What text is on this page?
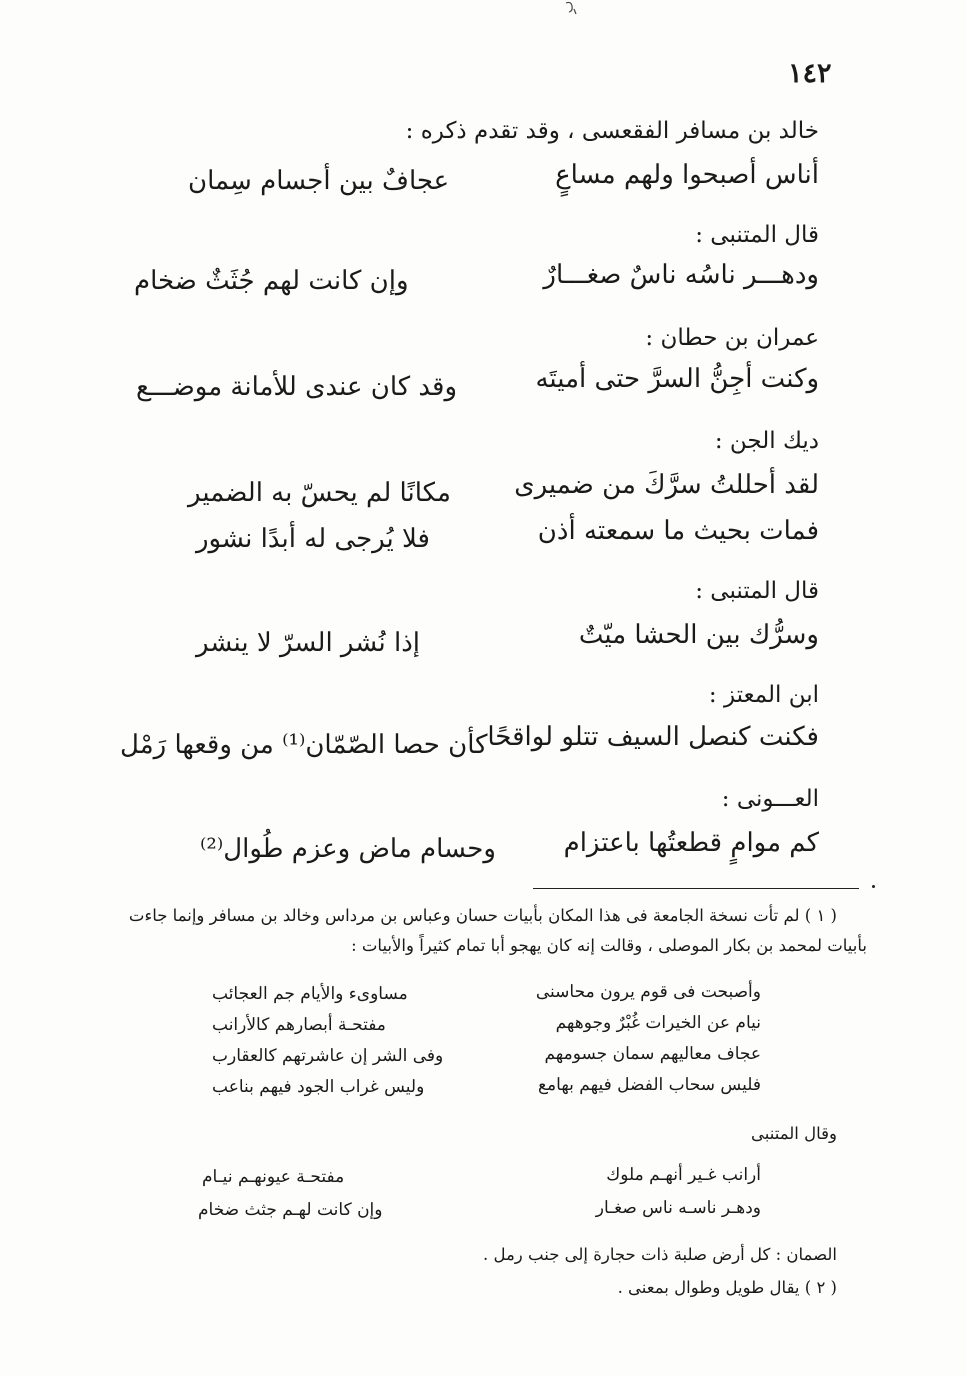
١٤٢
خالد بن مسافر الفقعسى ، وقد تقدم ذكره :
أناس أصبحوا ولهم مساعٍ
عجافٌ بين أجسام سِمان
قال المتنبى :
ودهـــر ناسُه ناسٌ صغـــارٌ
وإن كانت لهم جُثَثٌ ضخام
عمران بن حطان :
وكنت أجِنُّ السرَّ حتى أميتَه
وقد كان عندى للأمانة موضـــع
ديك الجن :
لقد أحللتُ سرَّكَ من ضميرى
مكانًا لم يحسّ به الضمير
فمات بحيث ما سمعته أذن
فلا يُرجى له أبدًا نشور
قال المتنبى :
وسرُّك بين الحشا ميّتٌ
إذا نُشر السرّ لا ينشر
ابن المعتز :
فكنت كنصل السيف تتلو لواقحًا
كأن حصا الصّمّان⁽¹⁾ من وقعها رَمْل
العـــونى :
كم موامٍ قطعتُها باعتزام
وحسام ماض وعزم طُوال⁽²⁾
( ١ ) لم تأت نسخة الجامعة فى هذا المكان بأبيات حسان وعباس بن مرداس وخالد بن مسافر وإنما جاءت
بأبيات لمحمد بن بكار الموصلى ، وقالت إنه كان يهجو أبا تمام كثيراً والأبيات :
وأصبحت فى قوم يرون محاسنى
مساوىء والأيام جم العجائب
نيام عن الخيرات غُبْرٌ وجوههم
مفتحـة أبصارهم كالأرانب
عجاف معاليهم سمان جسومهم
وفى الشر إن عاشرتهم كالعقارب
فليس سحاب الفضل فيهم بهامع
وليس غراب الجود فيهم بناعب
وقال المتنبى
أرانب غـير أنهـم ملوك
مفتحـة عيونهـم نيـام
ودهـر ناسـه ناس صغـار
وإن كانت لهـم جثث ضخام
الصمان : كل أرض صلبة ذات حجارة إلى جنب رمل .
( ٢ ) يقال طويل وطوال بمعنى .
